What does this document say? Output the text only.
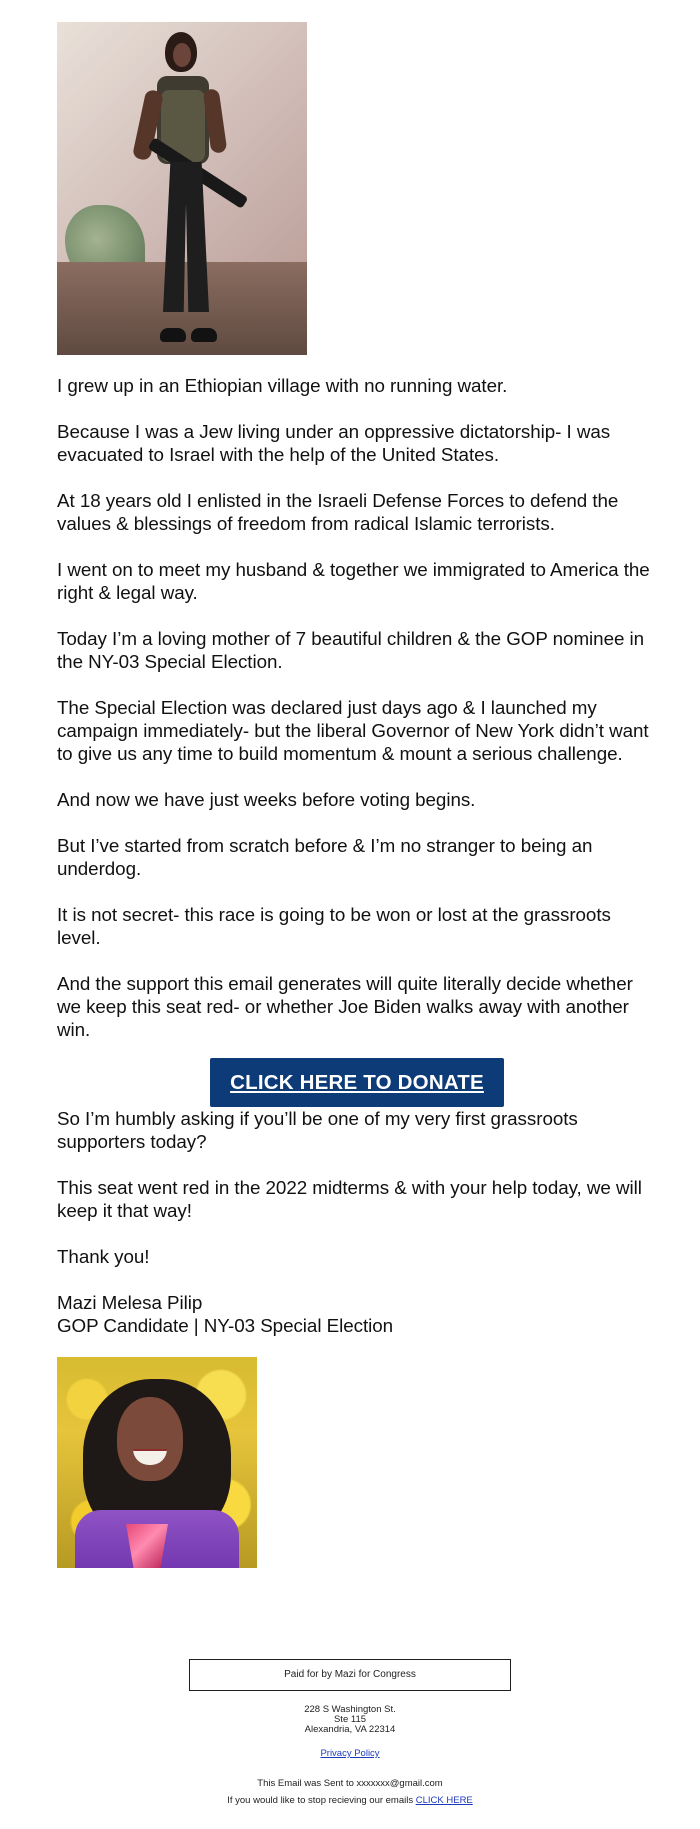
I grew up in an Ethiopian village with no running water.

Because I was a Jew living under an oppressive dictatorship- I was evacuated to Israel with the help of the United States.

At 18 years old I enlisted in the Israeli Defense Forces to defend the values & blessings of freedom from radical Islamic terrorists.

I went on to meet my husband & together we immigrated to America the right & legal way.

Today I’m a loving mother of 7 beautiful children & the GOP nominee in the NY-03 Special Election.

The Special Election was declared just days ago & I launched my campaign immediately- but the liberal Governor of New York didn’t want to give us any time to build momentum & mount a serious challenge.

And now we have just weeks before voting begins.

But I’ve started from scratch before & I’m no stranger to being an underdog.

It is not secret- this race is going to be won or lost at the grassroots level.

And the support this email generates will quite literally decide whether we keep this seat red- or whether Joe Biden walks away with another win.

CLICK HERE TO DONATE

So I’m humbly asking if you’ll be one of my very first grassroots supporters today?

This seat went red in the 2022 midterms & with your help today, we will keep it that way!

Thank you!

Mazi Melesa Pilip

GOP Candidate | NY-03 Special Election

Paid for by Mazi for Congress
228 S Washington St.
Ste 115
Alexandria, VA 22314
Privacy Policy
This Email was Sent to xxxxxxx@gmail.com
If you would like to stop recieving our emails CLICK HERE
